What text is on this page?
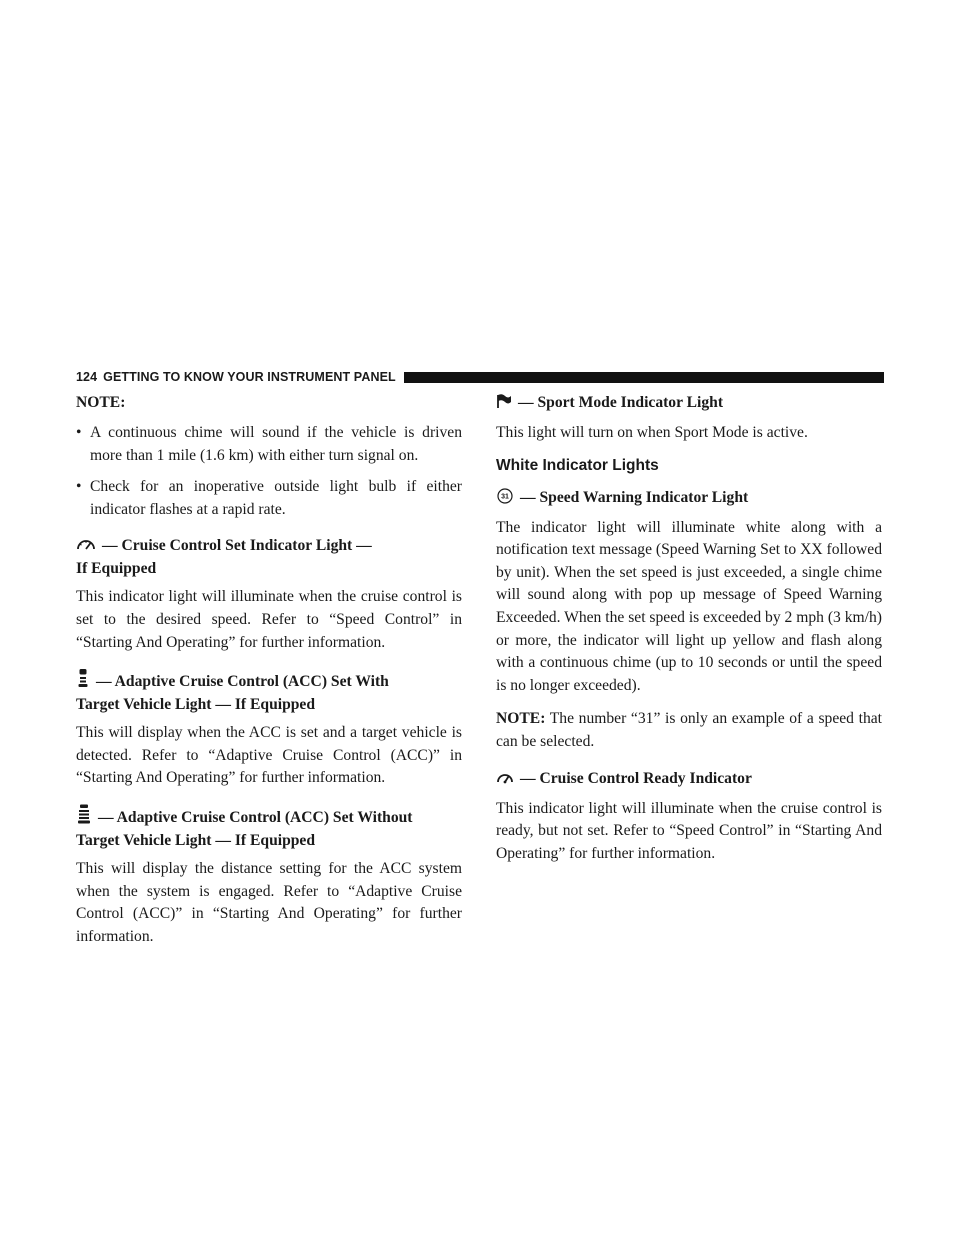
124 GETTING TO KNOW YOUR INSTRUMENT PANEL
NOTE:
• A continuous chime will sound if the vehicle is driven more than 1 mile (1.6 km) with either turn signal on.
• Check for an inoperative outside light bulb if either indicator flashes at a rapid rate.
— Cruise Control Set Indicator Light —
If Equipped

This indicator light will illuminate when the cruise control is set to the desired speed. Refer to “Speed Control” in “Starting And Operating” for further information.

— Adaptive Cruise Control (ACC) Set With
Target Vehicle Light — If Equipped

This will display when the ACC is set and a target vehicle is detected. Refer to “Adaptive Cruise Control (ACC)” in “Starting And Operating” for further information.

— Adaptive Cruise Control (ACC) Set Without
Target Vehicle Light — If Equipped

This will display the distance setting for the ACC system when the system is engaged. Refer to “Adaptive Cruise Control (ACC)” in “Starting And Operating” for further information.

— Sport Mode Indicator Light

This light will turn on when Sport Mode is active.

White Indicator Lights
31 — Speed Warning Indicator Light

The indicator light will illuminate white along with a notification text message (Speed Warning Set to XX followed by unit). When the set speed is just exceeded, a single chime will sound along with pop up message of Speed Warning Exceeded. When the set speed is exceeded by 2 mph (3 km/h) or more, the indicator will light up yellow and flash along with a continuous chime (up to 10 seconds or until the speed is no longer exceeded).

NOTE: The number “31” is only an example of a speed that can be selected.

— Cruise Control Ready Indicator

This indicator light will illuminate when the cruise control is ready, but not set. Refer to “Speed Control” in “Starting And Operating” for further information.
